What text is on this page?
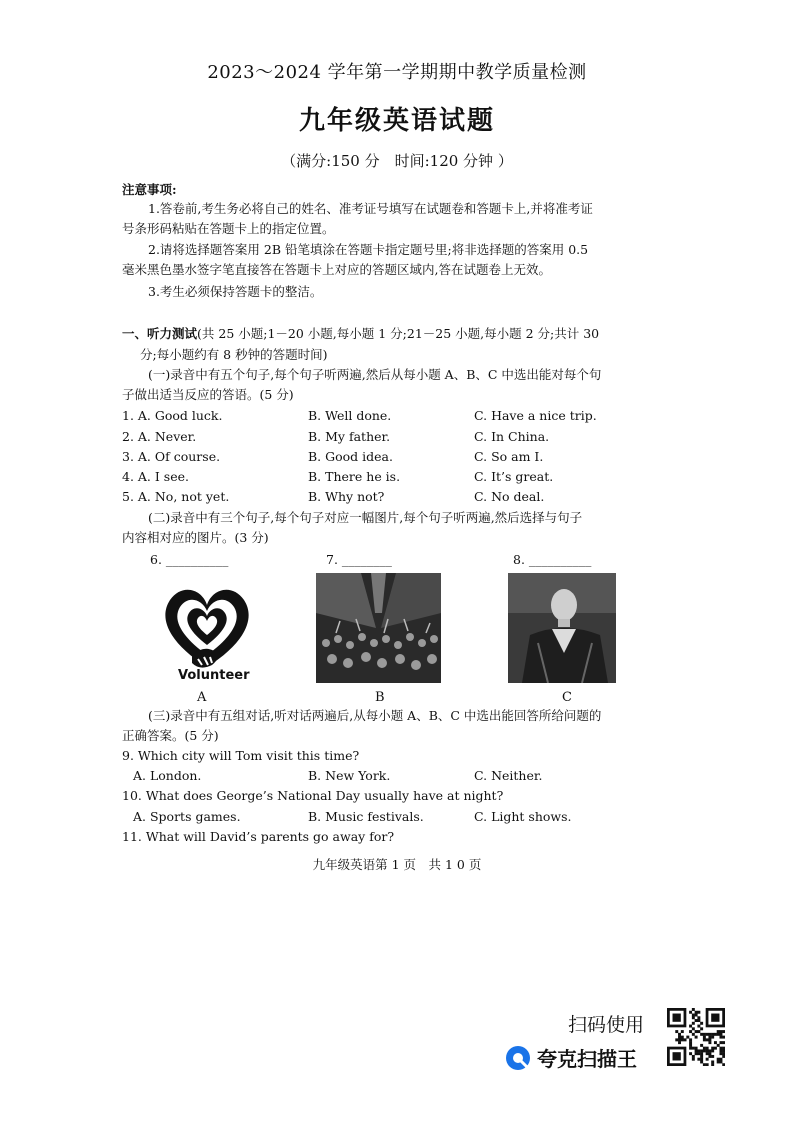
2023～2024 学年第一学期期中教学质量检测
九年级英语试题
（满分:150 分　时间:120 分钟 ）
注意事项:
1.答卷前,考生务必将自己的姓名、准考证号填写在试题卷和答题卡上,并将准考证
号条形码粘贴在答题卡上的指定位置。
2.请将选择题答案用 2B 铅笔填涂在答题卡指定题号里;将非选择题的答案用 0.5
毫米黑色墨水签字笔直接答在答题卡上对应的答题区域内,答在试题卷上无效。
3.考生必须保持答题卡的整洁。
一、听力测试(共 25 小题;1－20 小题,每小题 1 分;21－25 小题,每小题 2 分;共计 30
分;每小题约有 8 秒钟的答题时间)
(一)录音中有五个句子,每个句子听两遍,然后从每小题 A、B、C 中选出能对每个句
子做出适当反应的答语。(5 分)
1. A. Good luck.	B. Well done.	C. Have a nice trip.
2. A. Never.	B. My father.	C. In China.
3. A. Of course.	B. Good idea.	C. So am I.
4. A. I see.	B. There he is.	C. It’s great.
5. A. No, not yet.	B. Why not?	C. No deal.
(二)录音中有三个句子,每个句子对应一幅图片,每个句子听两遍,然后选择与句子
内容相对应的图片。(3 分)
6. __________	7. ________	8. __________
Volunteer
A	B	C
(三)录音中有五组对话,听对话两遍后,从每小题 A、B、C 中选出能回答所给问题的
正确答案。(5 分)
9. Which city will Tom visit this time?
A. London.	B. New York.	C. Neither.
10. What does George’s National Day usually have at night?
A. Sports games.	B. Music festivals.	C. Light shows.
11. What will David’s parents go away for?
九年级英语第 1 页　共 1 0 页
扫码使用
夸克扫描王
